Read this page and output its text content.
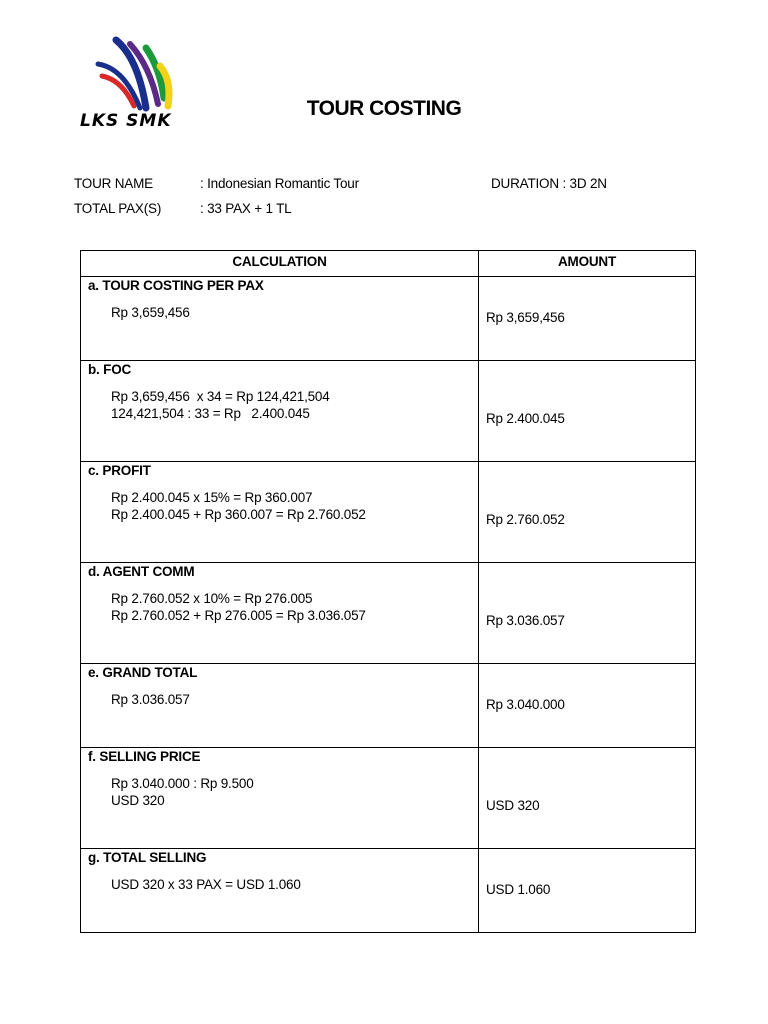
LKS SMK
TOUR COSTING
TOUR NAME	: Indonesian Romantic Tour	DURATION : 3D 2N
TOTAL PAX(S)	: 33 PAX + 1 TL
CALCULATION	AMOUNT

a. TOUR COSTING PER PAX
Rp 3,659,456	Rp 3,659,456

b. FOC
Rp 3,659,456  x 34 = Rp 124,421,504
124,421,504 : 33 = Rp   2.400.045	Rp 2.400.045

c. PROFIT
Rp 2.400.045 x 15% = Rp 360.007
Rp 2.400.045 + Rp 360.007 = Rp 2.760.052	Rp 2.760.052

d. AGENT COMM
Rp 2.760.052 x 10% = Rp 276.005
Rp 2.760.052 + Rp 276.005 = Rp 3.036.057	Rp 3.036.057

e. GRAND TOTAL
Rp 3.036.057	Rp 3.040.000

f. SELLING PRICE
Rp 3.040.000 : Rp 9.500
USD 320	USD 320

g. TOTAL SELLING
USD 320 x 33 PAX = USD 1.060	USD 1.060
